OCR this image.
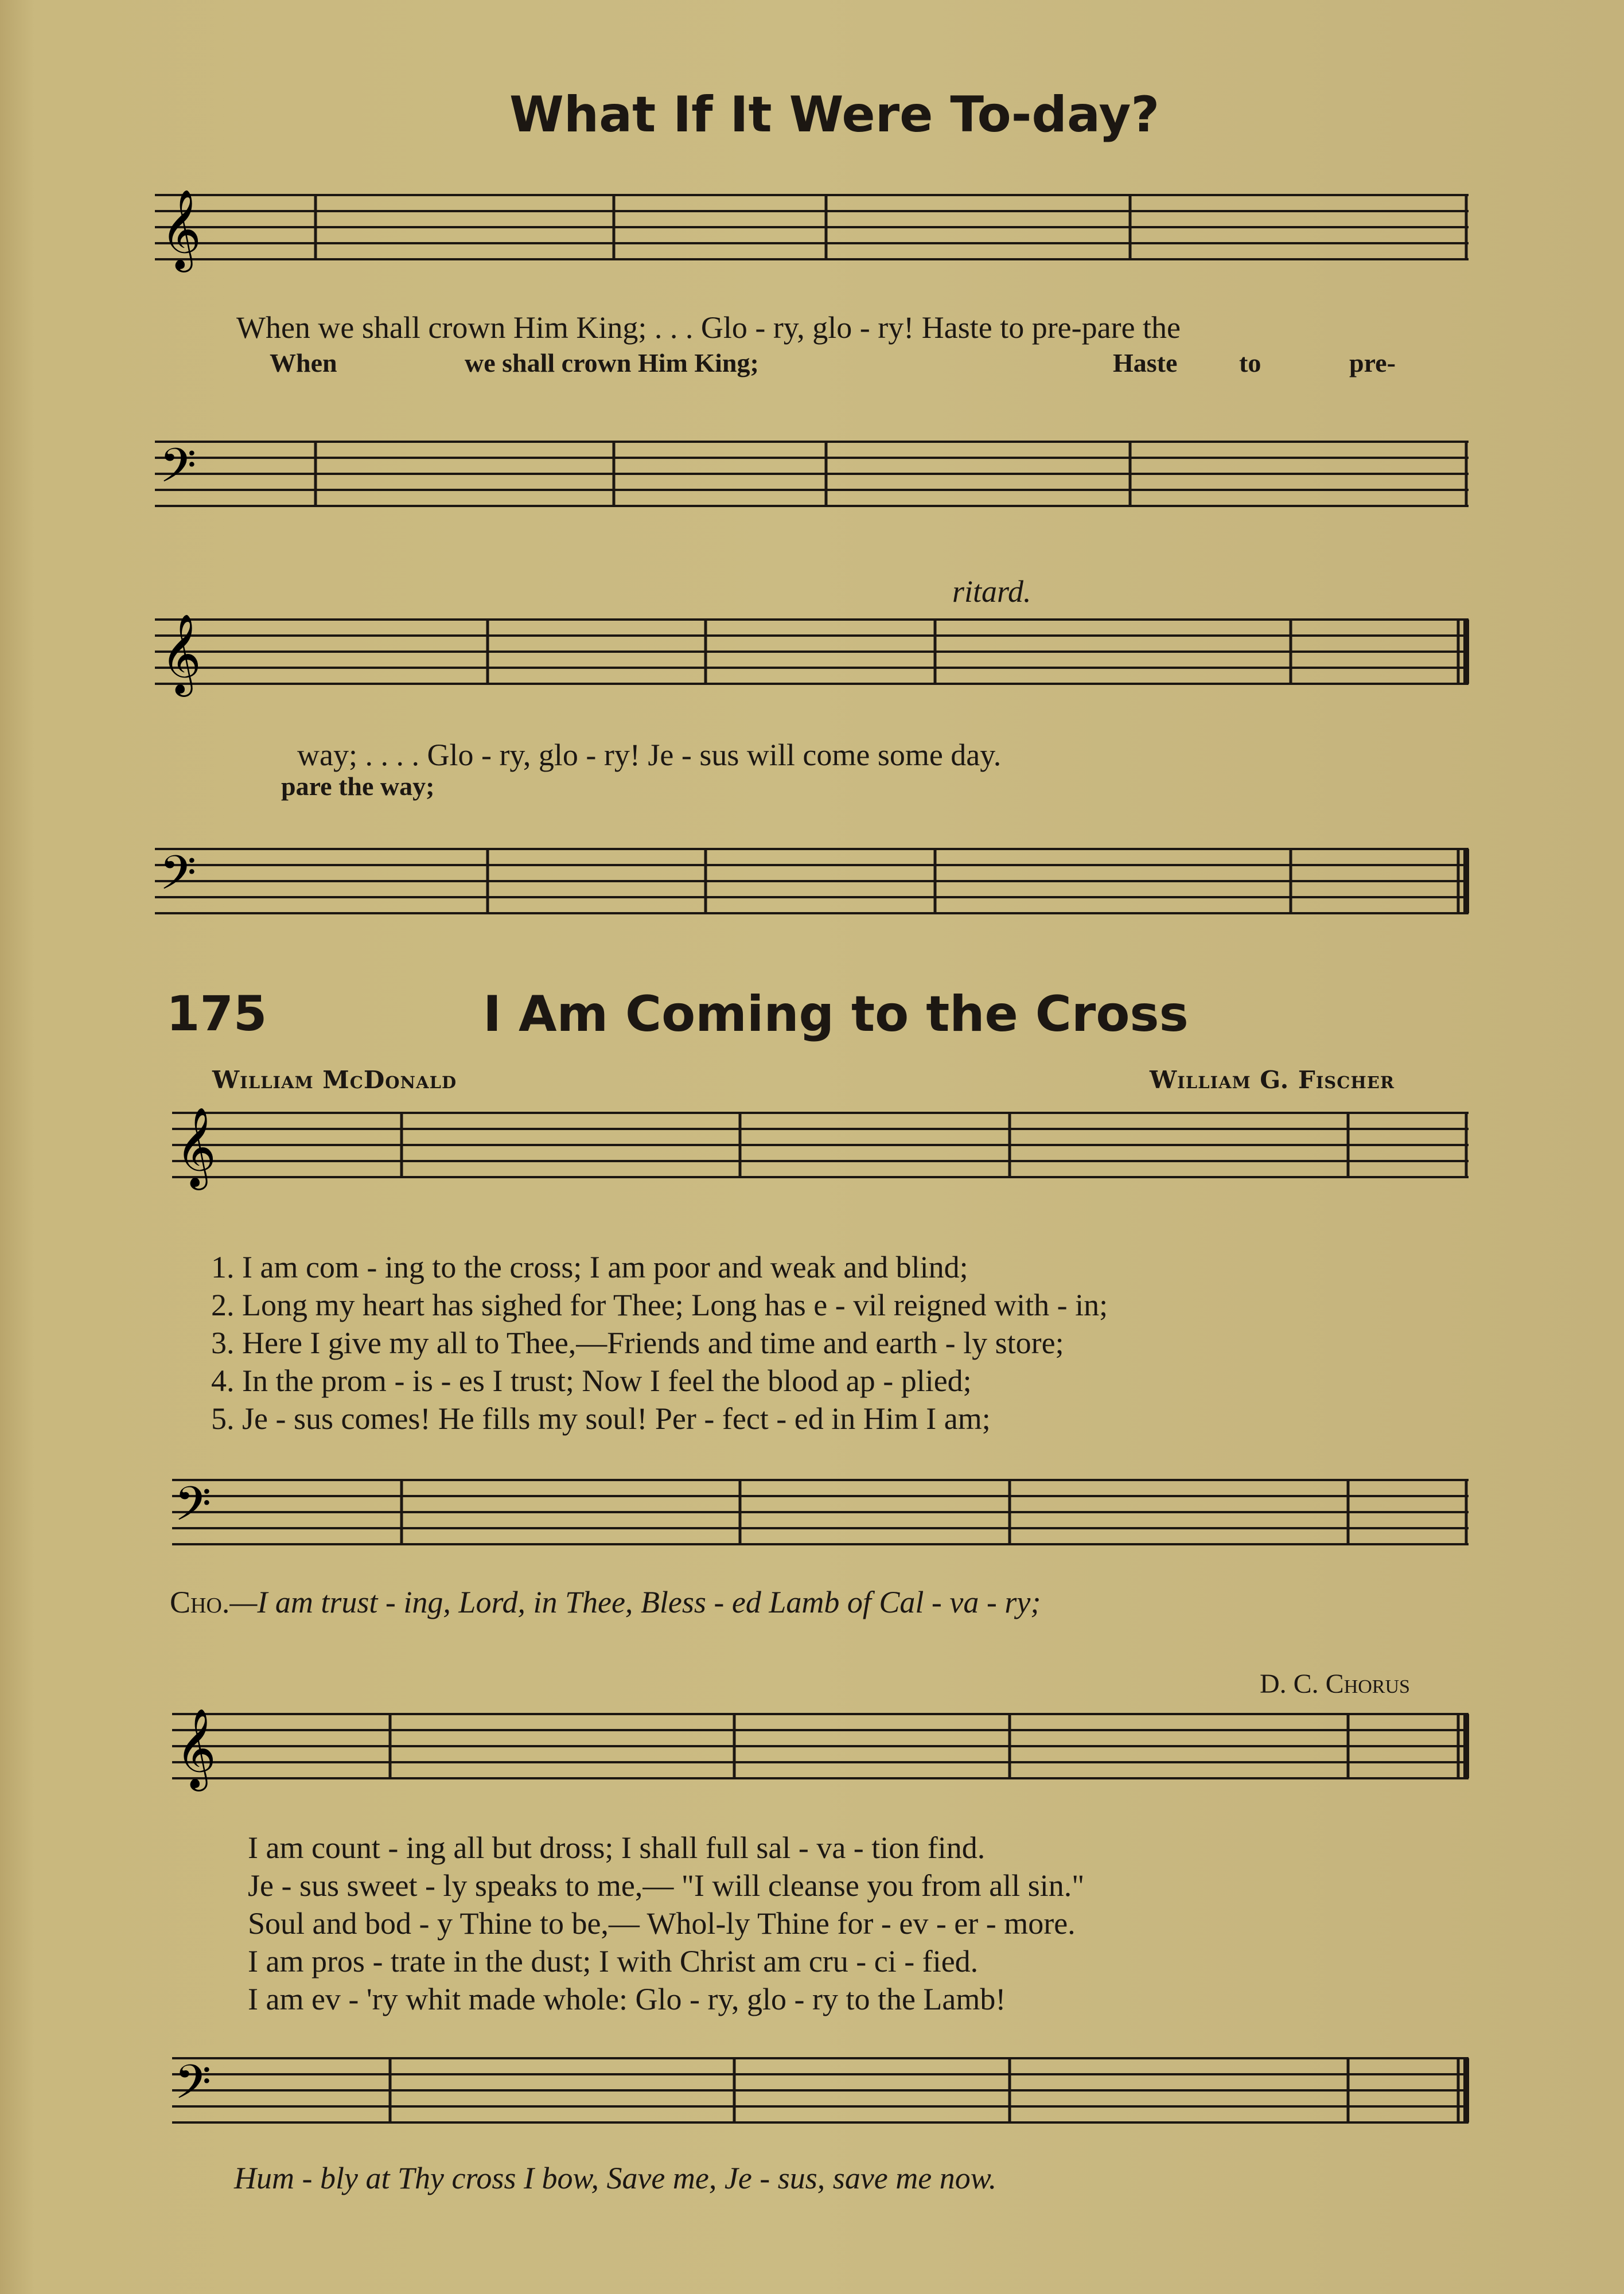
What If It Were To-day?
𝄞
When we shall crown Him King; . . . Glo - ry, glo - ry! Haste to pre-pare the
When	we shall crown Him King;	Haste to	pre-
𝄢
ritard.
𝄞
way; . . . . Glo - ry, glo - ry! Je - sus will come some day.
pare the way;
𝄢
175	I Am Coming to the Cross
William McDonald	William G. Fischer
𝄞
1. I am com - ing to the cross; I am poor and weak and blind;
2. Long my heart has sighed for Thee; Long has e - vil reigned with - in;
3. Here I give my all to Thee,—Friends and time and earth - ly store;
4. In the prom - is - es I trust; Now I feel the blood ap - plied;
5. Je - sus comes! He fills my soul! Per - fect - ed in Him I am;
𝄢
Cho.—I am trust - ing, Lord, in Thee, Bless - ed Lamb of Cal - va - ry;
D. C. Chorus
𝄞
I am count - ing all but dross; I shall full sal - va - tion find.
Je - sus sweet - ly speaks to me,— "I will cleanse you from all sin."
Soul and bod - y Thine to be,— Whol-ly Thine for - ev - er - more.
I am pros - trate in the dust; I with Christ am cru - ci - fied.
I am ev - 'ry whit made whole: Glo - ry, glo - ry to the Lamb!
𝄢
Hum - bly at Thy cross I bow, Save me, Je - sus, save me now.
